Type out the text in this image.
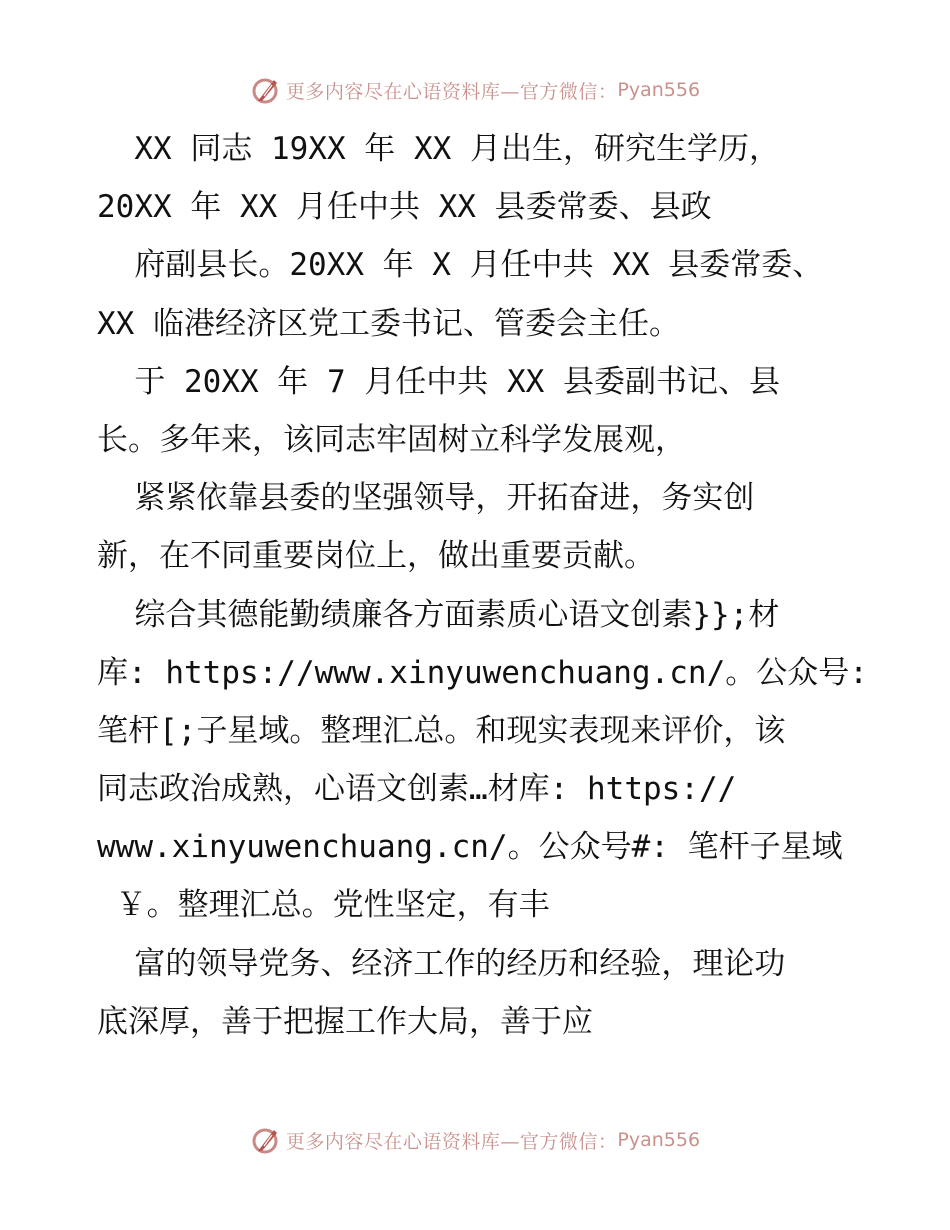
更多内容尽在心语资料库—官方微信： Pyan556
XX 同志 19XX 年 XX 月出生，研究生学历，
20XX 年 XX 月任中共 XX 县委常委、县政
府副县长。20XX 年 X 月任中共 XX 县委常委、
XX 临港经济区党工委书记、管委会主任。
于 20XX 年 7 月任中共 XX 县委副书记、县
长。多年来，该同志牢固树立科学发展观，
紧紧依靠县委的坚强领导，开拓奋进，务实创
新，在不同重要岗位上，做出重要贡献。
综合其德能勤绩廉各方面素质心语文创素}};材
库: https://www.xinyuwenchuang.cn/。公众号:
笔杆[;子星域。整理汇总。和现实表现来评价，该
同志政治成熟，心语文创素…材库: https://
www.xinyuwenchuang.cn/。公众号#: 笔杆子星域
￥。整理汇总。党性坚定，有丰
富的领导党务、经济工作的经历和经验，理论功
底深厚，善于把握工作大局，善于应
更多内容尽在心语资料库—官方微信： Pyan556
